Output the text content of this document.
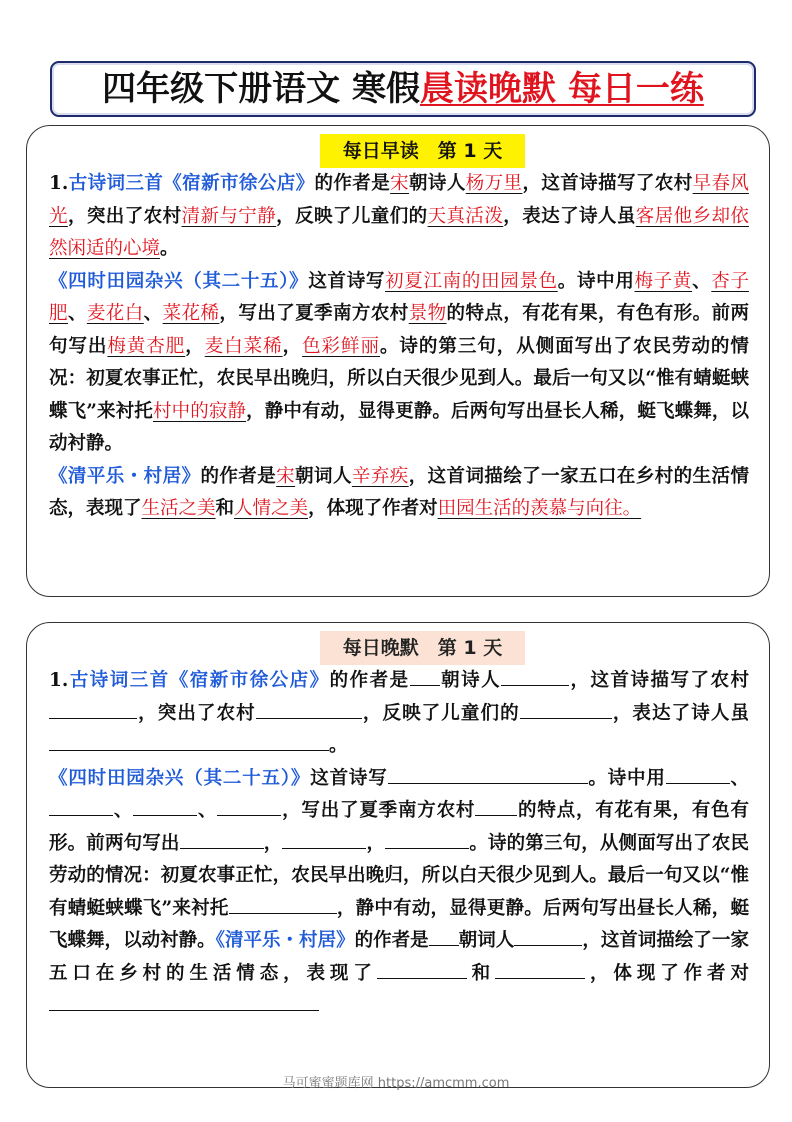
四年级下册语文 寒假晨读晚默 每日一练
每日早读　第 1 天

1.古诗词三首《宿新市徐公店》的作者是宋朝诗人杨万里，这首诗描写了农村早春风光，突出了农村清新与宁静，反映了儿童们的天真活泼，表达了诗人虽客居他乡却依然闲适的心境。

《四时田园杂兴（其二十五）》这首诗写初夏江南的田园景色。诗中用梅子黄、杏子肥、麦花白、菜花稀，写出了夏季南方农村景物的特点，有花有果，有色有形。前两句写出梅黄杏肥，麦白菜稀，色彩鲜丽。诗的第三句，从侧面写出了农民劳动的情况：初夏农事正忙，农民早出晚归，所以白天很少见到人。最后一句又以“惟有蜻蜓蛱蝶飞”来衬托村中的寂静，静中有动，显得更静。后两句写出昼长人稀，蜓飞蝶舞，以动衬静。

《清平乐・村居》的作者是宋朝词人辛弃疾，这首词描绘了一家五口在乡村的生活情态，表现了生活之美和人情之美，体现了作者对田园生活的羡慕与向往。

每日晚默　第 1 天

1.古诗词三首《宿新市徐公店》的作者是 朝诗人	，这首诗描写了农村，突出了农村	，反映了儿童们的	，表达了诗人虽。

《四时田园杂兴（其二十五）》这首诗写	。诗中用	、、	、	，写出了夏季南方农村 的特点，有花有果，有色有形。前两句写出	，	，	。诗的第三句，从侧面写出了农民劳动的情况：初夏农事正忙，农民早出晚归，所以白天很少见到人。最后一句又以“惟有蜻蜓蛱蝶飞”来衬托	，静中有动，显得更静。后两句写出昼长人稀，蜓飞蝶舞，以动衬静。《清平乐・村居》的作者是 朝词人	，这首词描绘了一家五口在乡村的生活情态，表现了	和	，体现了作者对

马可蜜蜜题库网 https://amcmm.com
